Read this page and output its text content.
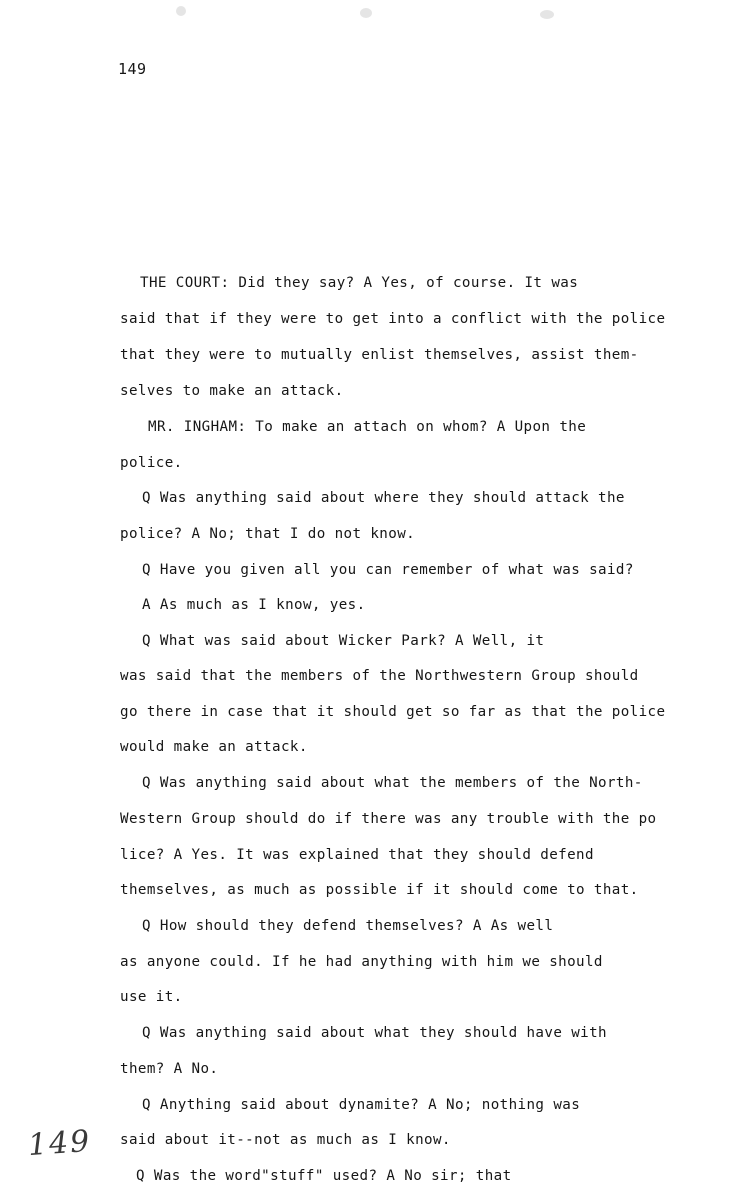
149
THE COURT: Did they say? A Yes, of course. It was
said that if they were to get into a conflict with the police
that they were to mutually enlist themselves, assist them-
selves to make an attack.
MR. INGHAM: To make an attach on whom? A Upon the
police.
Q Was anything said about where they should attack the
police? A No; that I do not know.
Q Have you given all you can remember of what was said?
A As much as I know, yes.
Q What was said about Wicker Park? A Well, it
was said that the members of the Northwestern Group should
go there in case that it should get so far as that the police
would make an attack.
Q Was anything said about what the members of the North-
Western Group should do if there was any trouble with the po
lice? A Yes. It was explained that they should defend
themselves, as much as possible if it should come to that.
Q How should they defend themselves? A As well
as anyone could. If he had anything with him we should
use it.
Q Was anything said about what they should have with
them? A No.
Q Anything said about dynamite? A No; nothing was
said about it--not as much as I know.
Q Was the word"stuff" used? A No sir; that
149
